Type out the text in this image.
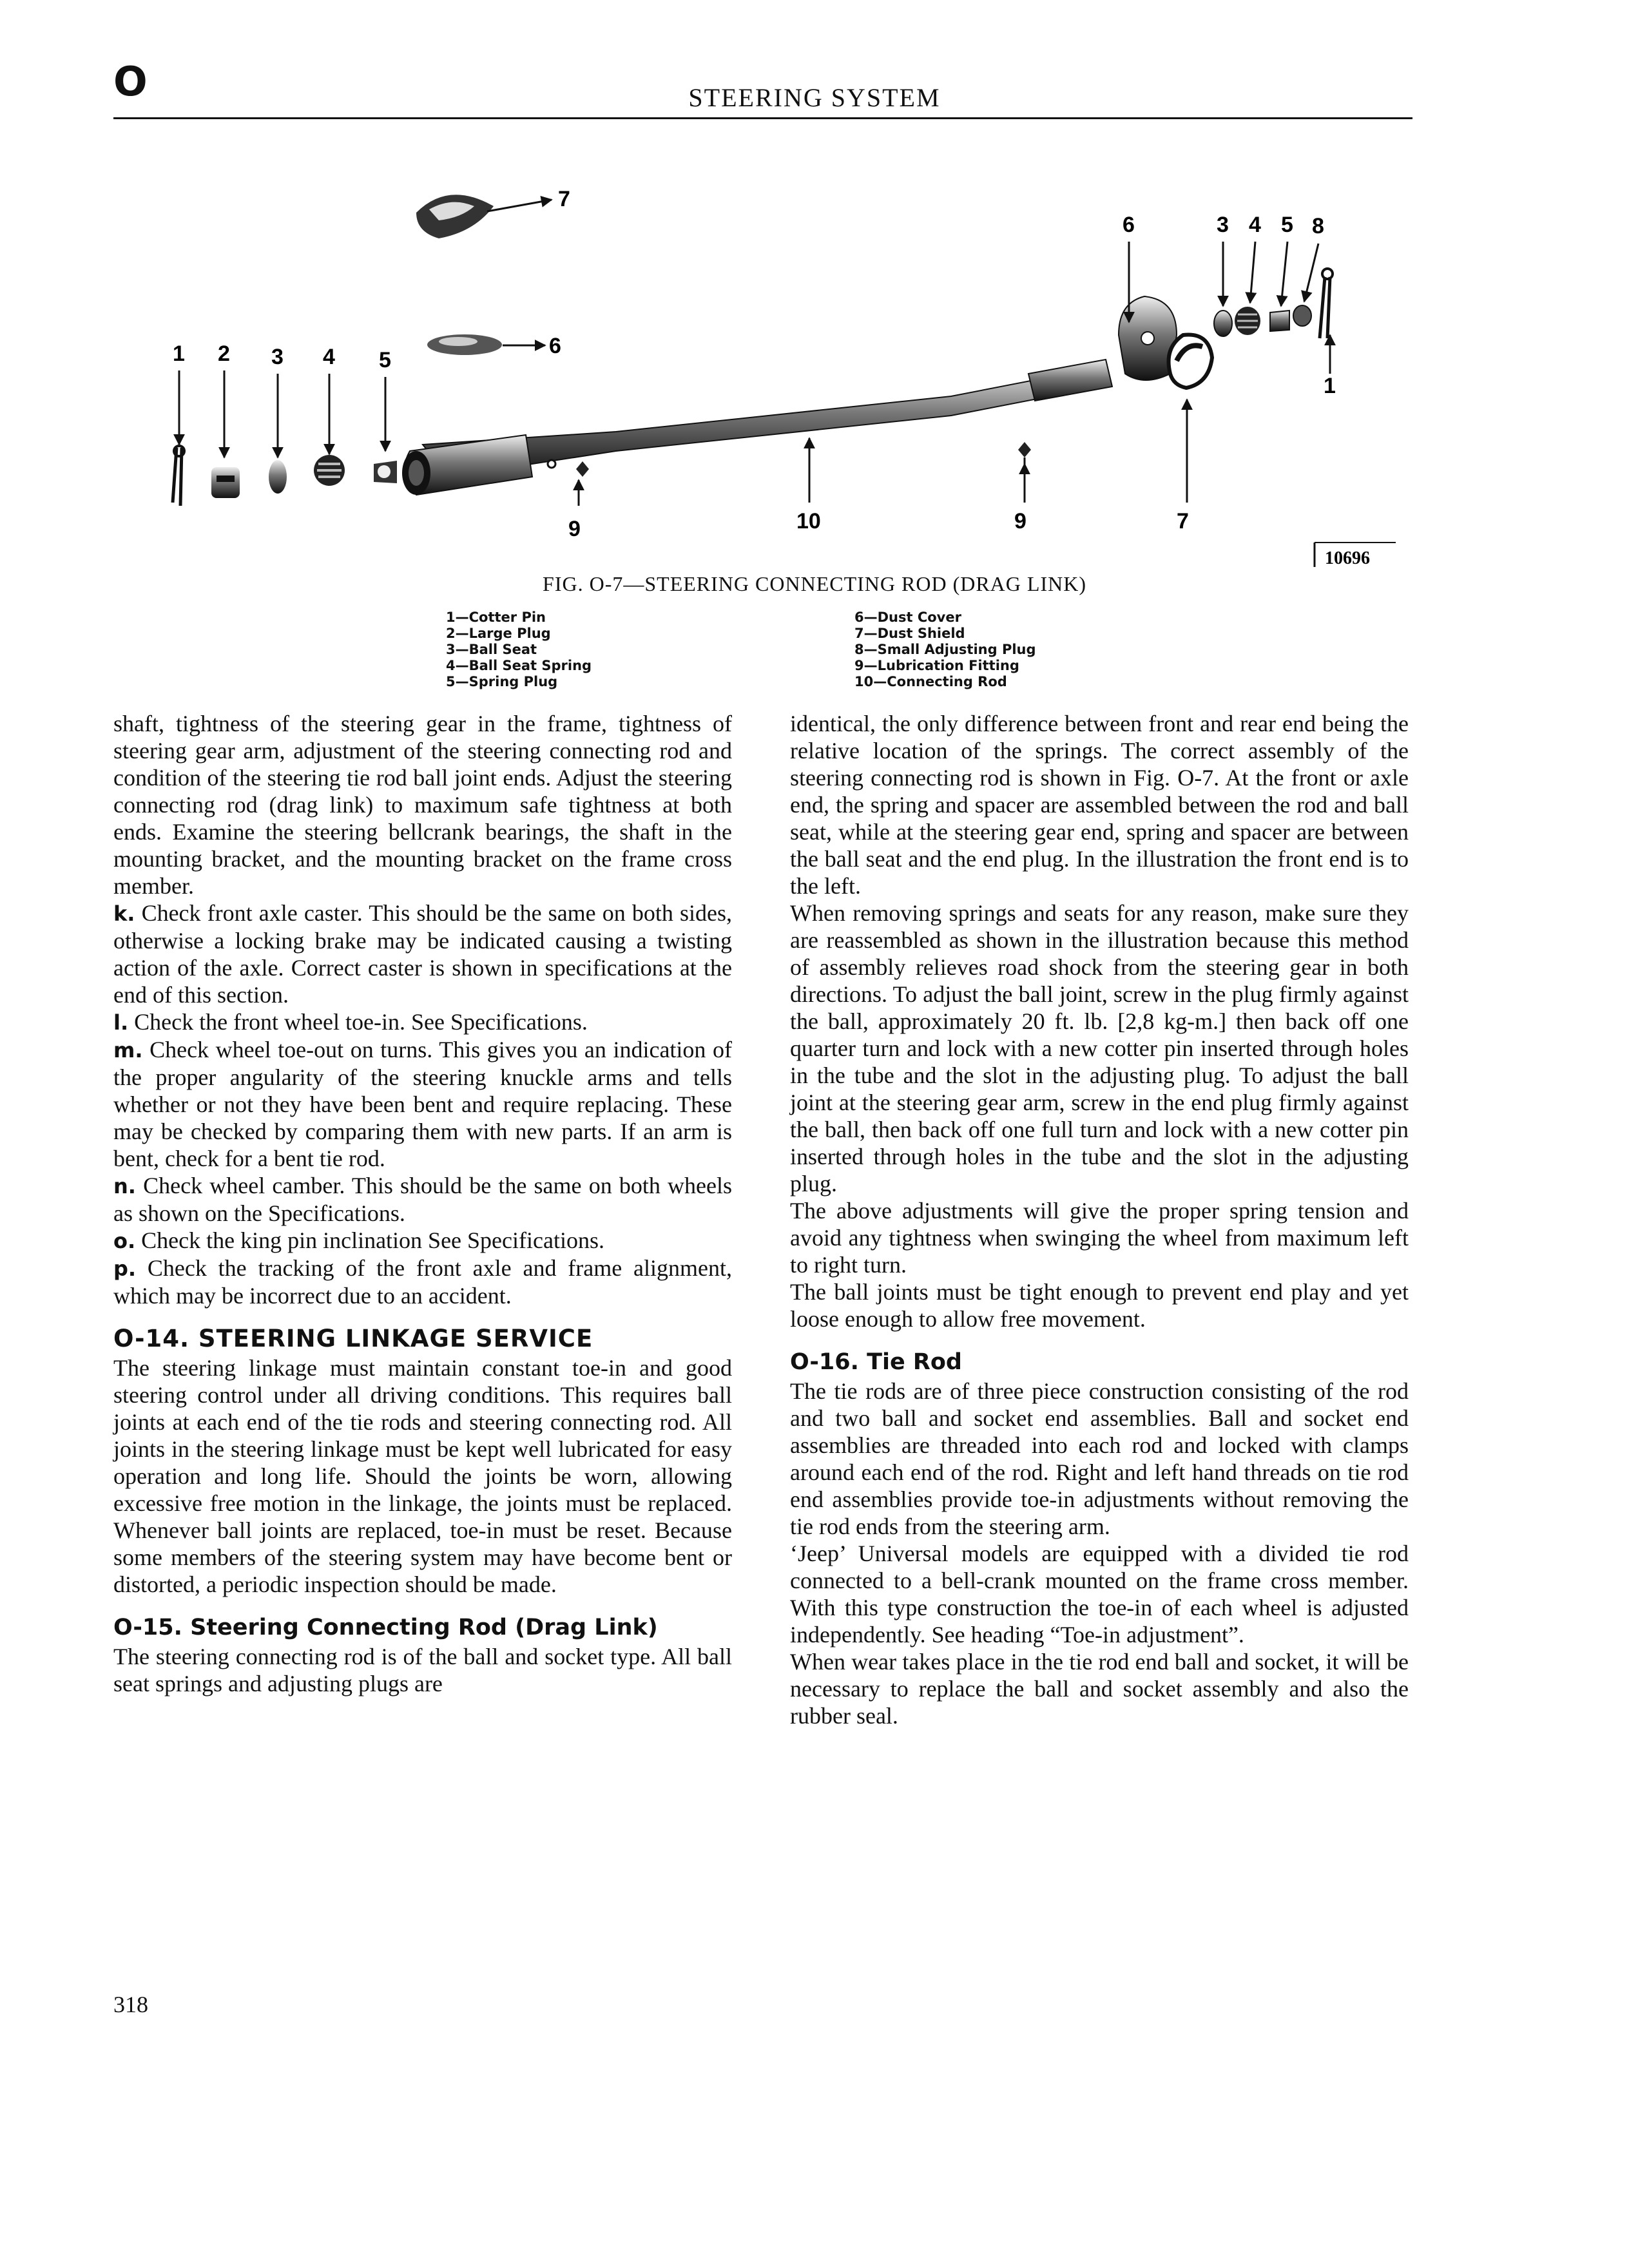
O	STEERING SYSTEM
7
6
1 2 3 4 5
6	3 4 5 8
1
9	10	9	7
10696
FIG. O-7—STEERING CONNECTING ROD (DRAG LINK)
1—Cotter Pin
2—Large Plug
3—Ball Seat
4—Ball Seat Spring
5—Spring Plug
6—Dust Cover
7—Dust Shield
8—Small Adjusting Plug
9—Lubrication Fitting
10—Connecting Rod

shaft, tightness of the steering gear in the frame, tightness of steering gear arm, adjustment of the steering connecting rod and condition of the steering tie rod ball joint ends. Adjust the steering connecting rod (drag link) to maximum safe tightness at both ends. Examine the steering bellcrank bearings, the shaft in the mounting bracket, and the mounting bracket on the frame cross member.

k. Check front axle caster. This should be the same on both sides, otherwise a locking brake may be indicated causing a twisting action of the axle. Correct caster is shown in specifications at the end of this section.

l. Check the front wheel toe-in. See Specifications.

m. Check wheel toe-out on turns. This gives you an indication of the proper angularity of the steering knuckle arms and tells whether or not they have been bent and require replacing. These may be checked by comparing them with new parts. If an arm is bent, check for a bent tie rod.

n. Check wheel camber. This should be the same on both wheels as shown on the Specifications.

o. Check the king pin inclination See Specifications.

p. Check the tracking of the front axle and frame alignment, which may be incorrect due to an accident.

O-14. STEERING LINKAGE SERVICE

The steering linkage must maintain constant toe-in and good steering control under all driving conditions. This requires ball joints at each end of the tie rods and steering connecting rod. All joints in the steering linkage must be kept well lubricated for easy operation and long life. Should the joints be worn, allowing excessive free motion in the linkage, the joints must be replaced. Whenever ball joints are replaced, toe-in must be reset. Because some members of the steering system may have become bent or distorted, a periodic inspection should be made.

O-15. Steering Connecting Rod (Drag Link)

The steering connecting rod is of the ball and socket type. All ball seat springs and adjusting plugs are

identical, the only difference between front and rear end being the relative location of the springs. The correct assembly of the steering connecting rod is shown in Fig. O-7. At the front or axle end, the spring and spacer are assembled between the rod and ball seat, while at the steering gear end, spring and spacer are between the ball seat and the end plug. In the illustration the front end is to the left.

When removing springs and seats for any reason, make sure they are reassembled as shown in the illustration because this method of assembly relieves road shock from the steering gear in both directions. To adjust the ball joint, screw in the plug firmly against the ball, approximately 20 ft. lb. [2,8 kg-m.] then back off one quarter turn and lock with a new cotter pin inserted through holes in the tube and the slot in the adjusting plug. To adjust the ball joint at the steering gear arm, screw in the end plug firmly against the ball, then back off one full turn and lock with a new cotter pin inserted through holes in the tube and the slot in the adjusting plug.

The above adjustments will give the proper spring tension and avoid any tightness when swinging the wheel from maximum left to right turn.

The ball joints must be tight enough to prevent end play and yet loose enough to allow free movement.

O-16. Tie Rod

The tie rods are of three piece construction consisting of the rod and two ball and socket end assemblies. Ball and socket end assemblies are threaded into each rod and locked with clamps around each end of the rod. Right and left hand threads on tie rod end assemblies provide toe-in adjustments without removing the tie rod ends from the steering arm.

‘Jeep’ Universal models are equipped with a divided tie rod connected to a bell-crank mounted on the frame cross member. With this type construction the toe-in of each wheel is adjusted independently. See heading “Toe-in adjustment”.

When wear takes place in the tie rod end ball and socket, it will be necessary to replace the ball and socket assembly and also the rubber seal.

318
